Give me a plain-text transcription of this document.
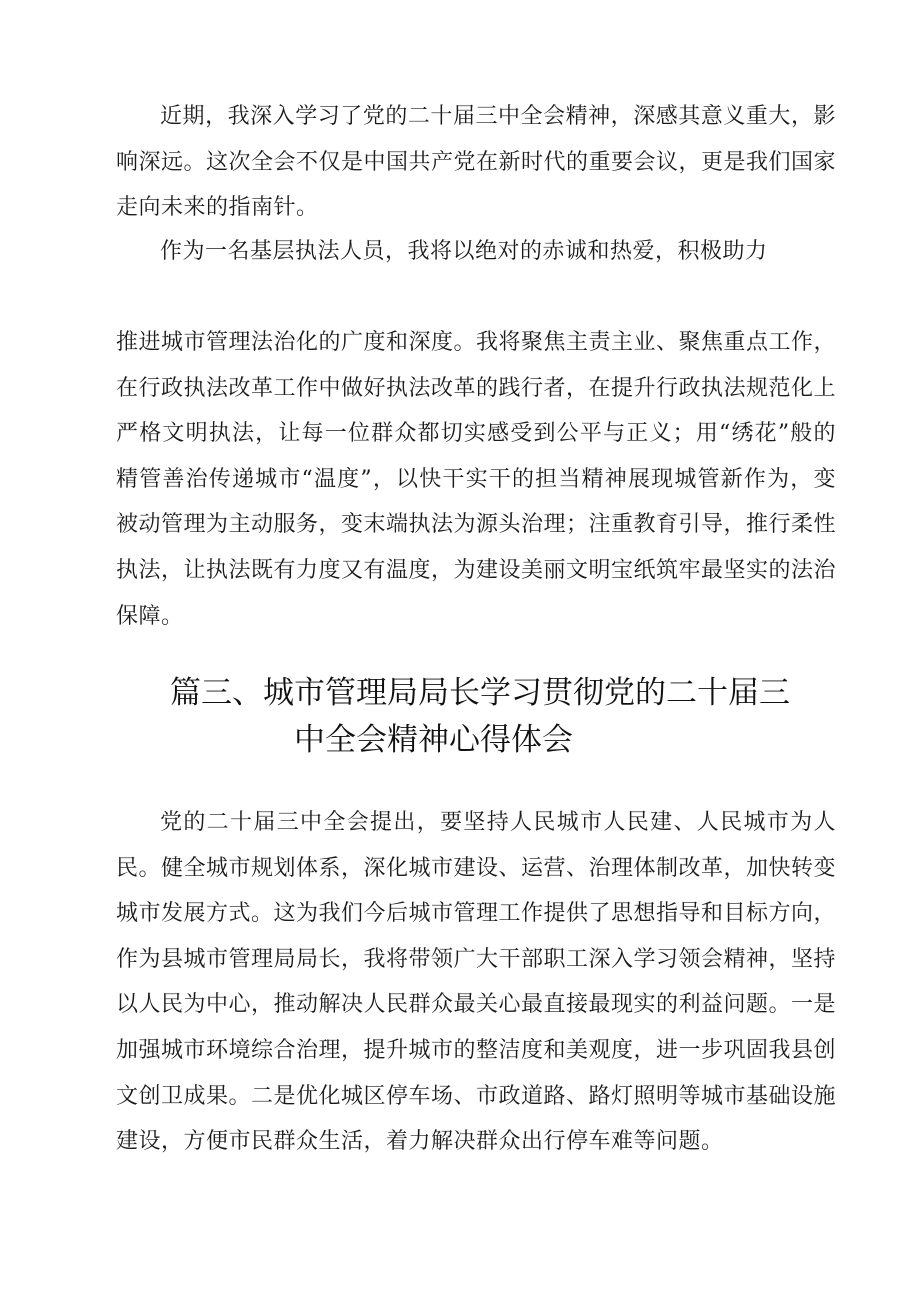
近期，我深入学习了党的二十届三中全会精神，深感其意义重大，影响深远。这次全会不仅是中国共产党在新时代的重要会议，更是我们国家走向未来的指南针。

作为一名基层执法人员，我将以绝对的赤诚和热爱，积极助力

推进城市管理法治化的广度和深度。我将聚焦主责主业、聚焦重点工作，在行政执法改革工作中做好执法改革的践行者，在提升行政执法规范化上严格文明执法，让每一位群众都切实感受到公平与正义；用“绣花”般的精管善治传递城市“温度”，以快干实干的担当精神展现城管新作为，变被动管理为主动服务，变末端执法为源头治理；注重教育引导，推行柔性执法，让执法既有力度又有温度，为建设美丽文明宝纸筑牢最坚实的法治保障。

篇三、城市管理局局长学习贯彻党的二十届三
中全会精神心得体会

党的二十届三中全会提出，要坚持人民城市人民建、人民城市为人民。健全城市规划体系，深化城市建设、运营、治理体制改革，加快转变城市发展方式。这为我们今后城市管理工作提供了思想指导和目标方向，作为县城市管理局局长，我将带领广大干部职工深入学习领会精神，坚持以人民为中心，推动解决人民群众最关心最直接最现实的利益问题。一是加强城市环境综合治理，提升城市的整洁度和美观度，进一步巩固我县创文创卫成果。二是优化城区停车场、市政道路、路灯照明等城市基础设施建设，方便市民群众生活，着力解决群众出行停车难等问题。
